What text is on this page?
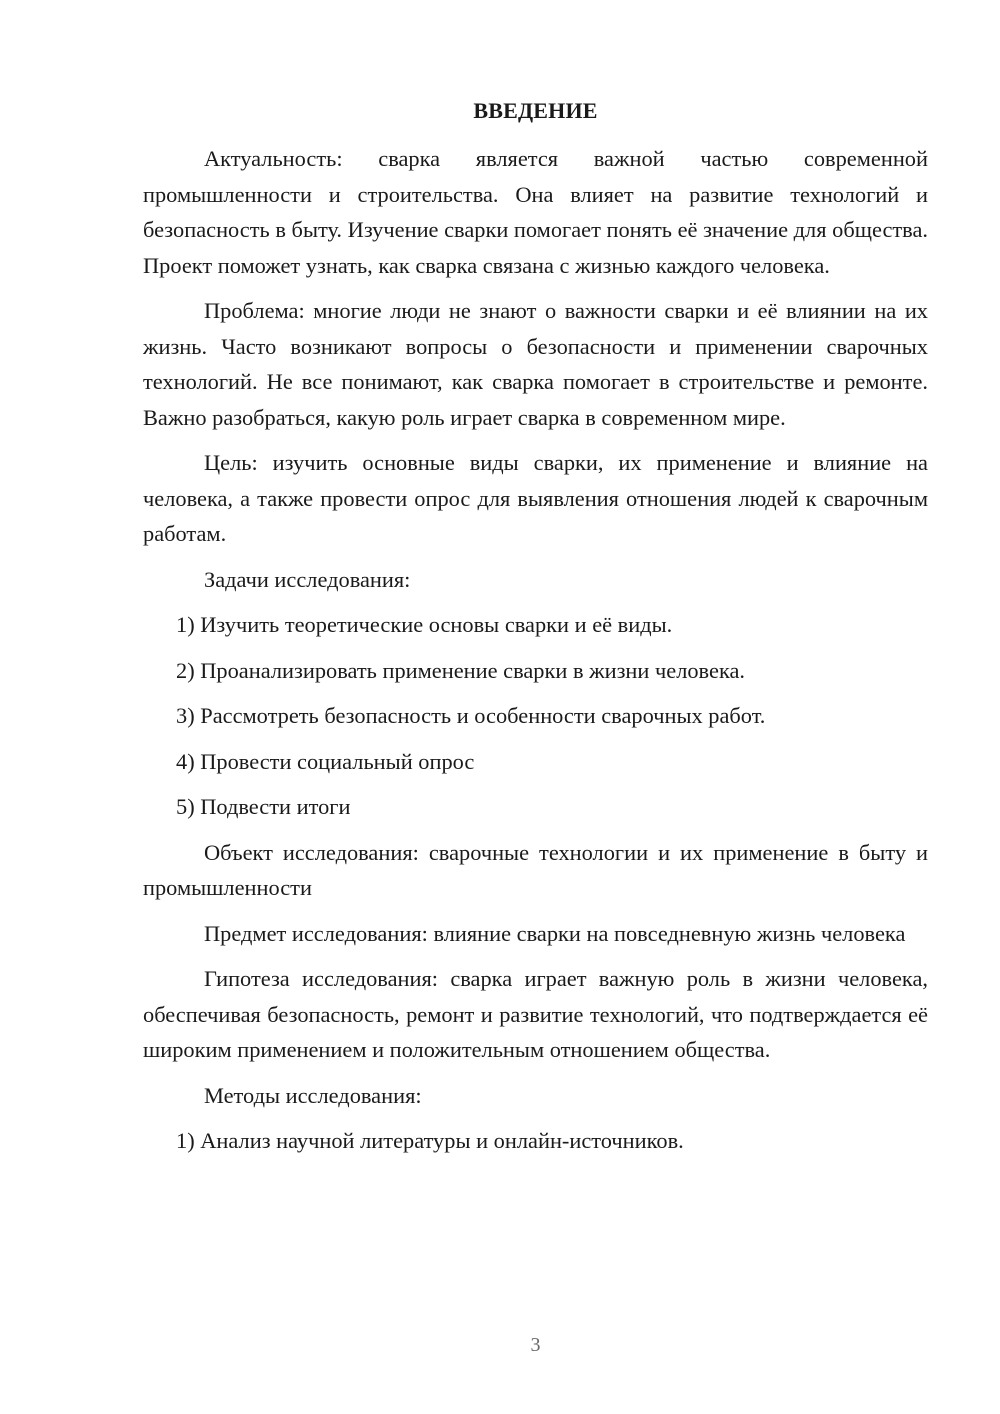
ВВЕДЕНИЕ

Актуальность: сварка является важной частью современной промышленности и строительства. Она влияет на развитие технологий и безопасность в быту. Изучение сварки помогает понять её значение для общества. Проект поможет узнать, как сварка связана с жизнью каждого человека.

Проблема: многие люди не знают о важности сварки и её влиянии на их жизнь. Часто возникают вопросы о безопасности и применении сварочных технологий. Не все понимают, как сварка помогает в строительстве и ремонте. Важно разобраться, какую роль играет сварка в современном мире.

Цель: изучить основные виды сварки, их применение и влияние на человека, а также провести опрос для выявления отношения людей к сварочным работам.

Задачи исследования:

1) Изучить теоретические основы сварки и её виды.

2) Проанализировать применение сварки в жизни человека.

3) Рассмотреть безопасность и особенности сварочных работ.

4) Провести социальный опрос

5) Подвести итоги

Объект исследования: сварочные технологии и их применение в быту и промышленности

Предмет исследования: влияние сварки на повседневную жизнь человека

Гипотеза исследования: сварка играет важную роль в жизни человека, обеспечивая безопасность, ремонт и развитие технологий, что подтверждается её широким применением и положительным отношением общества.

Методы исследования:

1) Анализ научной литературы и онлайн-источников.

3
